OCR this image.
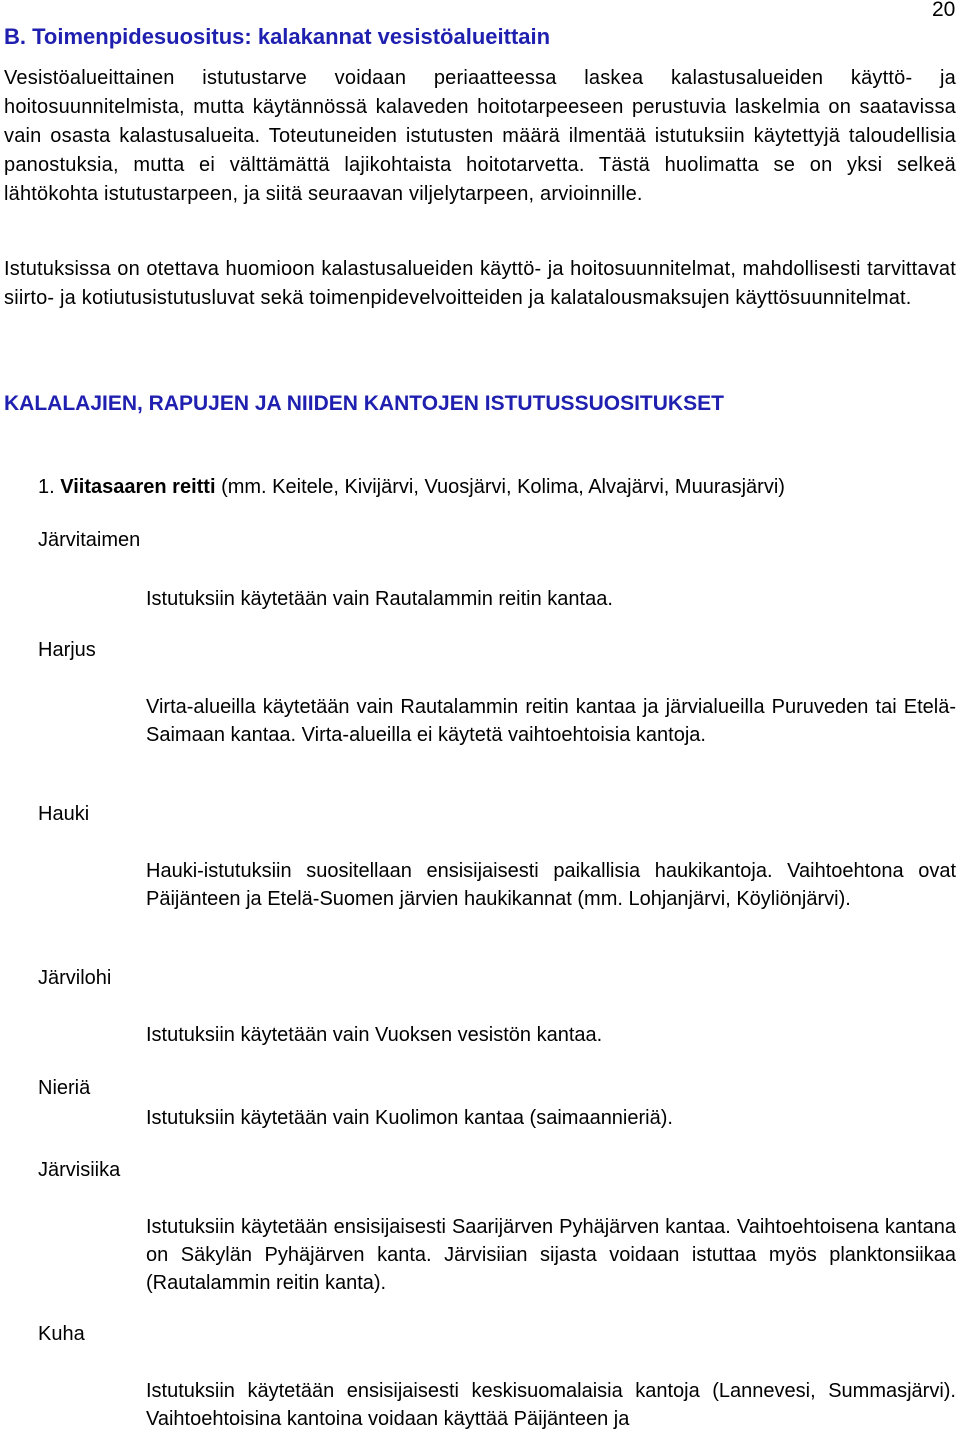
20
B. Toimenpidesuositus: kalakannat vesistöalueittain

Vesistöalueittainen istutustarve voidaan periaatteessa laskea kalastusalueiden käyttö- ja hoitosuunnitelmista, mutta käytännössä kalaveden hoitotarpeeseen perustuvia laskelmia on saatavissa vain osasta kalastusalueita. Toteutuneiden istutusten määrä ilmentää istutuksiin käytettyjä taloudellisia panostuksia, mutta ei välttämättä lajikohtaista hoitotarvetta. Tästä huolimatta se on yksi selkeä lähtökohta istutustarpeen, ja siitä seuraavan viljelytarpeen, arvioinnille.

Istutuksissa on otettava huomioon kalastusalueiden käyttö- ja hoitosuunnitelmat, mahdollisesti tarvittavat siirto- ja kotiutusistutusluvat sekä toimenpidevelvoitteiden ja kalatalousmaksujen käyttösuunnitelmat.

KALALAJIEN, RAPUJEN JA NIIDEN KANTOJEN ISTUTUSSUOSITUKSET
1. Viitasaaren reitti (mm. Keitele, Kivijärvi, Vuosjärvi, Kolima, Alvajärvi, Muurasjärvi)
Järvitaimen
Istutuksiin käytetään vain Rautalammin reitin kantaa.
Harjus
Virta-alueilla käytetään vain Rautalammin reitin kantaa ja järvialueilla Puruveden tai Etelä-Saimaan kantaa. Virta-alueilla ei käytetä vaihtoehtoisia kantoja.
Hauki
Hauki-istutuksiin suositellaan ensisijaisesti paikallisia haukikantoja. Vaihtoehtona ovat Päijänteen ja Etelä-Suomen järvien haukikannat (mm. Lohjanjärvi, Köyliönjärvi).
Järvilohi
Istutuksiin käytetään vain Vuoksen vesistön kantaa.
Nieriä
Istutuksiin käytetään vain Kuolimon kantaa (saimaannieriä).
Järvisiika
Istutuksiin käytetään ensisijaisesti Saarijärven Pyhäjärven kantaa. Vaihtoehtoisena kantana on Säkylän Pyhäjärven kanta. Järvisiian sijasta voidaan istuttaa myös planktonsiikaa (Rautalammin reitin kanta).
Kuha
Istutuksiin käytetään ensisijaisesti keskisuomalaisia kantoja (Lannevesi, Summasjärvi). Vaihtoehtoisina kantoina voidaan käyttää Päijänteen ja
